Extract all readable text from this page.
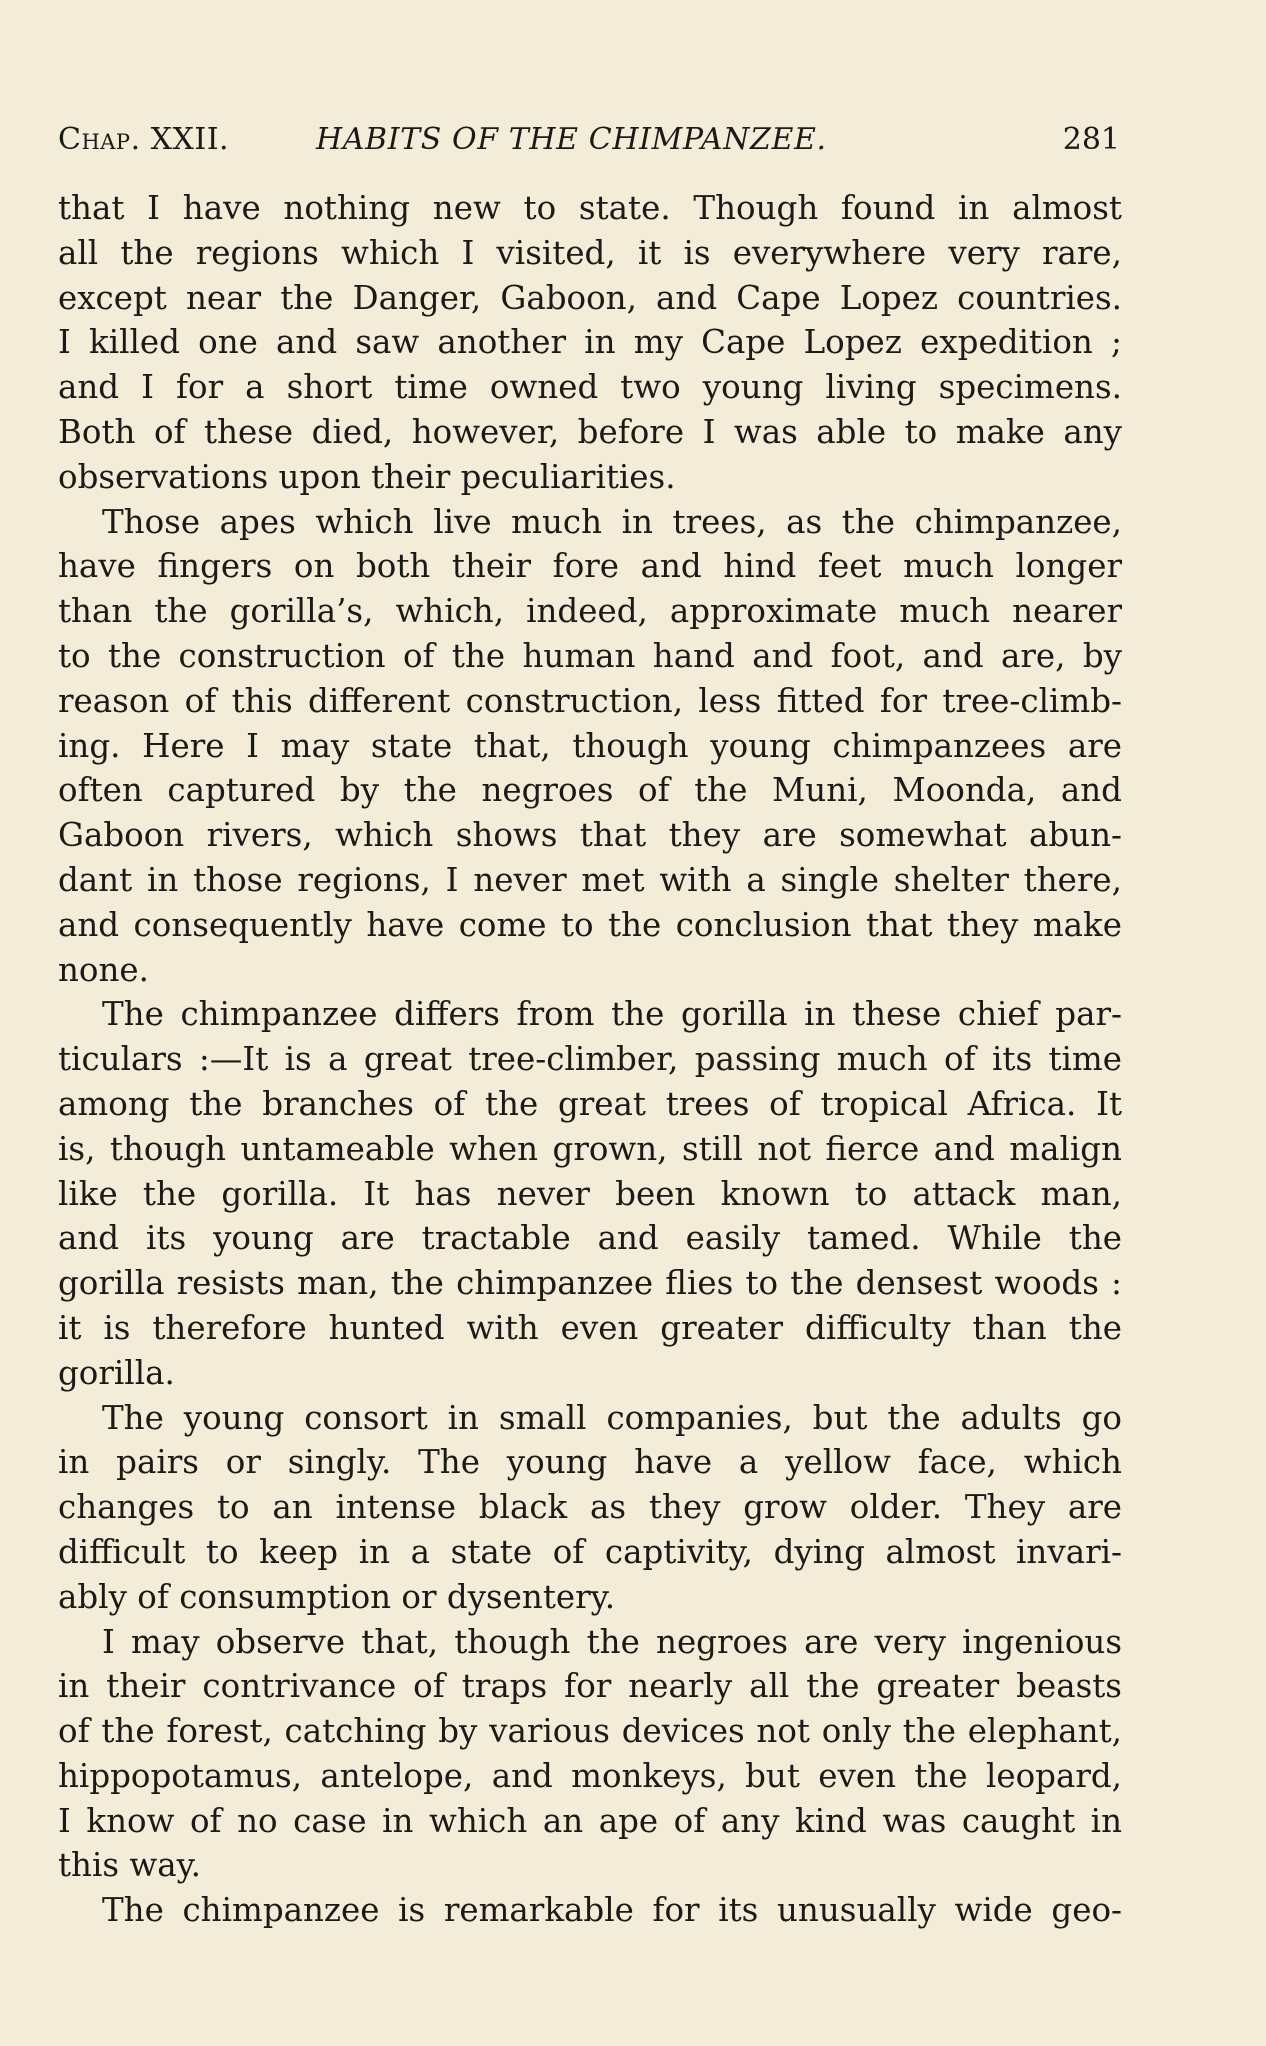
Chap. XXII.	HABITS OF THE CHIMPANZEE.	281
that I have nothing new to state. Though found in almost
all the regions which I visited, it is everywhere very rare,
except near the Danger, Gaboon, and Cape Lopez countries.
I killed one and saw another in my Cape Lopez expedition ;
and I for a short time owned two young living specimens.
Both of these died, however, before I was able to make any
observations upon their peculiarities.
Those apes which live much in trees, as the chimpanzee,
have fingers on both their fore and hind feet much longer
than the gorilla’s, which, indeed, approximate much nearer
to the construction of the human hand and foot, and are, by
reason of this different construction, less fitted for tree-climb-
ing. Here I may state that, though young chimpanzees are
often captured by the negroes of the Muni, Moonda, and
Gaboon rivers, which shows that they are somewhat abun-
dant in those regions, I never met with a single shelter there,
and consequently have come to the conclusion that they make
none.
The chimpanzee differs from the gorilla in these chief par-
ticulars :—It is a great tree-climber, passing much of its time
among the branches of the great trees of tropical Africa. It
is, though untameable when grown, still not fierce and malign
like the gorilla. It has never been known to attack man,
and its young are tractable and easily tamed. While the
gorilla resists man, the chimpanzee flies to the densest woods :
it is therefore hunted with even greater difficulty than the
gorilla.
The young consort in small companies, but the adults go
in pairs or singly. The young have a yellow face, which
changes to an intense black as they grow older. They are
difficult to keep in a state of captivity, dying almost invari-
ably of consumption or dysentery.
I may observe that, though the negroes are very ingenious
in their contrivance of traps for nearly all the greater beasts
of the forest, catching by various devices not only the elephant,
hippopotamus, antelope, and monkeys, but even the leopard,
I know of no case in which an ape of any kind was caught in
this way.
The chimpanzee is remarkable for its unusually wide geo-
